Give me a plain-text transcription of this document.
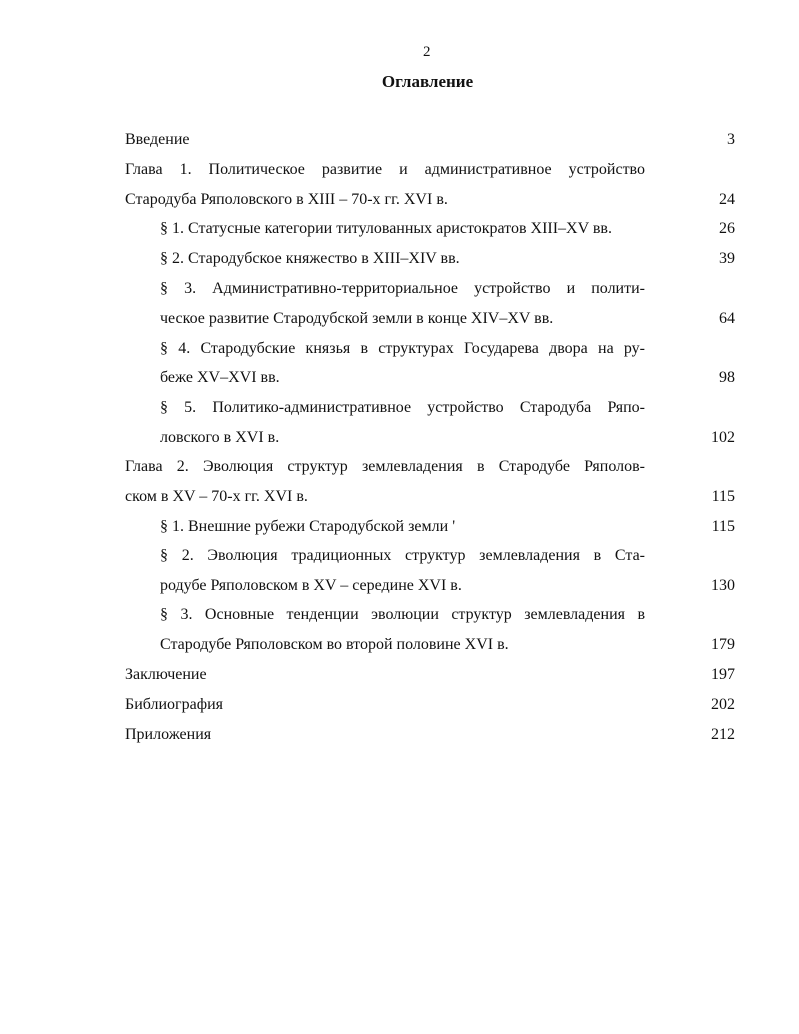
2
Оглавление
Введение	3
Глава 1. Политическое развитие и административное устройство
Стародуба Ряполовского в XIII – 70-х гг. XVI в.	24
§ 1. Статусные категории титулованных аристократов XIII–XV вв.	26
§ 2. Стародубское княжество в XIII–XIV вв.	39
§ 3. Административно-территориальное устройство и полити-
ческое развитие Стародубской земли в конце XIV–XV вв.	64
§ 4. Стародубские князья в структурах Государева двора на ру-
беже XV–XVI вв.	98
§ 5. Политико-административное устройство Стародуба Ряпо-
ловского в XVI в.	102
Глава 2. Эволюция структур землевладения в Стародубе Ряполов-
ском в XV – 70-х гг. XVI в.	115
§ 1. Внешние рубежи Стародубской земли '	115
§ 2. Эволюция традиционных структур землевладения в Ста-
родубе Ряполовском в XV – середине XVI в.	130
§ 3. Основные тенденции эволюции структур землевладения в
Стародубе Ряполовском во второй половине XVI в.	179
Заключение	197
Библиография	202
Приложения	212
